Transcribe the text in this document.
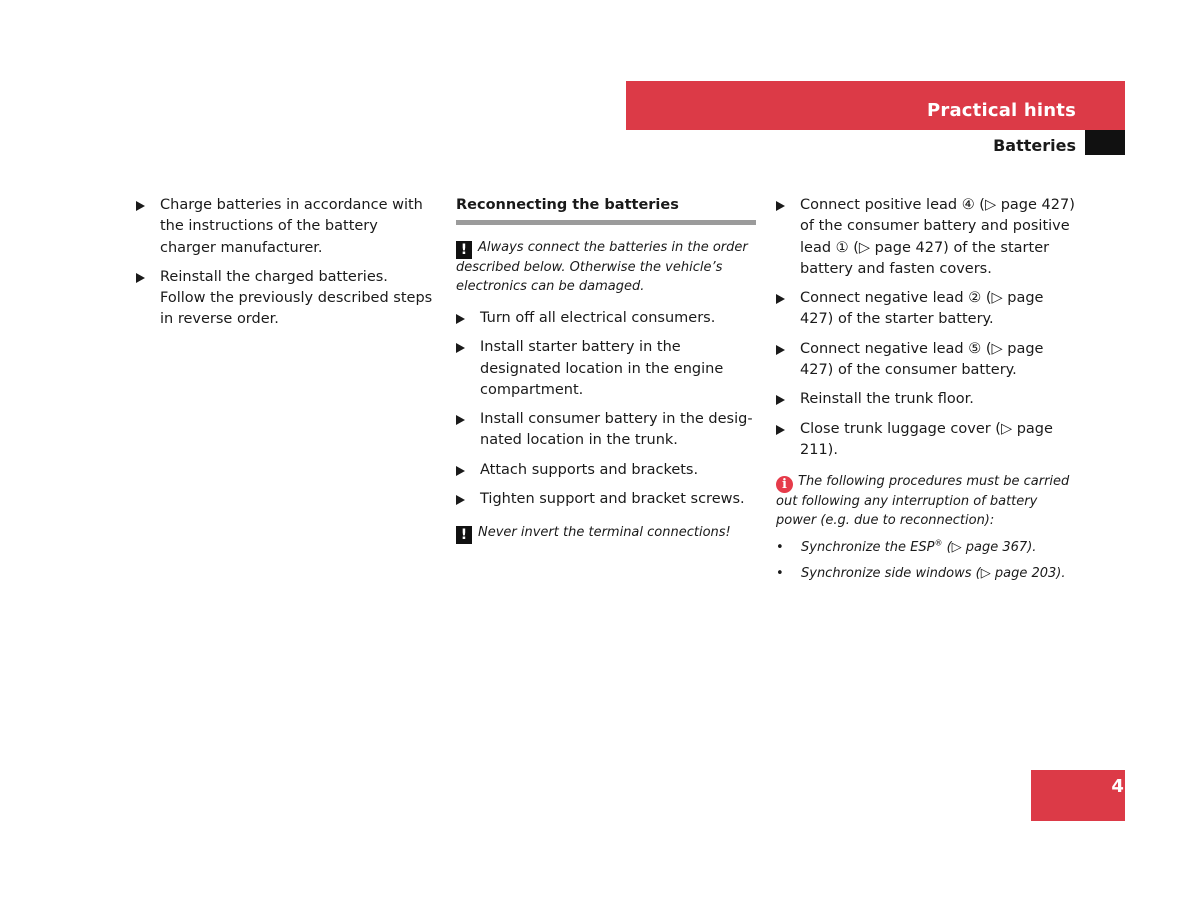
Practical hints
Batteries
Charge batteries in accordance with the instructions of the battery charger manufacturer.
Reinstall the charged batteries. Follow the previously described steps in reverse order.
Reconnecting the batteries

! Always connect the batteries in the order described below. Otherwise the vehicle’s electronics can be damaged.

Turn off all electrical consumers.
Install starter battery in the designated location in the engine compartment.
Install consumer battery in the designated location in the trunk.
Attach supports and brackets.
Tighten support and bracket screws.

! Never invert the terminal connections!

Connect positive lead ④ (▷ page 427) of the consumer battery and positive lead ① (▷ page 427) of the starter battery and fasten covers.
Connect negative lead ② (▷ page 427) of the starter battery.
Connect negative lead ⑤ (▷ page 427) of the consumer battery.
Reinstall the trunk floor.
Close trunk luggage cover (▷ page 211).

i The following procedures must be carried out following any interruption of battery power (e.g. due to reconnection):

• Synchronize the ESP® (▷ page 367).
• Synchronize side windows (▷ page 203).
431
